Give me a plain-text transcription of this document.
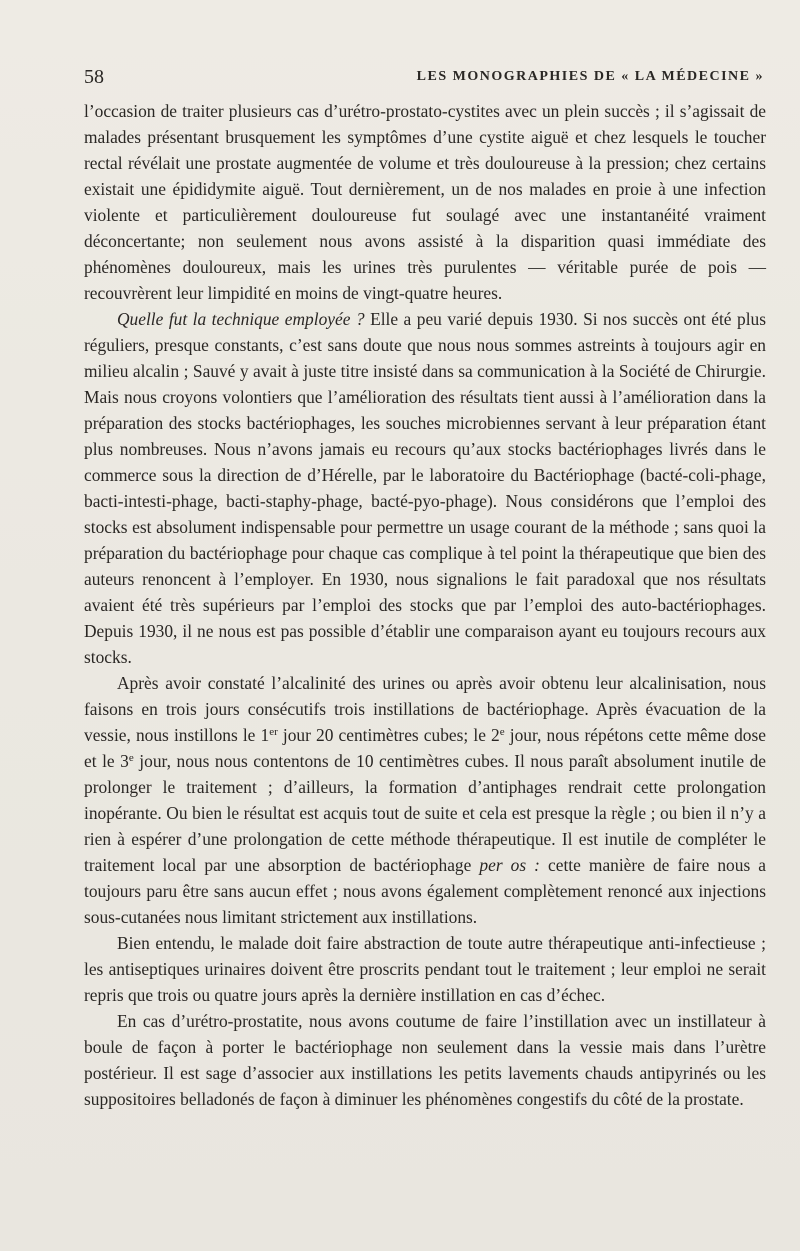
58	LES MONOGRAPHIES DE « LA MÉDECINE »

l’occasion de traiter plusieurs cas d’urétro-prostato-cystites avec un plein succès ; il s’agissait de malades présentant brusquement les symptômes d’une cystite aiguë et chez lesquels le toucher rectal révélait une prostate augmentée de volume et très douloureuse à la pression; chez certains existait une épididymite aiguë. Tout dernièrement, un de nos malades en proie à une infection violente et particulièrement douloureuse fut soulagé avec une instantanéité vraiment déconcertante; non seulement nous avons assisté à la disparition quasi immédiate des phénomènes douloureux, mais les urines très purulentes — véritable purée de pois — recouvrèrent leur limpidité en moins de vingt-quatre heures.

Quelle fut la technique employée ? Elle a peu varié depuis 1930. Si nos succès ont été plus réguliers, presque constants, c’est sans doute que nous nous sommes astreints à toujours agir en milieu alcalin ; Sauvé y avait à juste titre insisté dans sa communication à la Société de Chirurgie. Mais nous croyons volontiers que l’amélioration des résultats tient aussi à l’amélioration dans la préparation des stocks bactériophages, les souches microbiennes servant à leur préparation étant plus nombreuses. Nous n’avons jamais eu recours qu’aux stocks bactériophages livrés dans le commerce sous la direction de d’Hérelle, par le laboratoire du Bactériophage (bacté-coli-phage, bacti-intesti-phage, bacti-staphy-phage, bacté-pyo-phage). Nous considérons que l’emploi des stocks est absolument indispensable pour permettre un usage courant de la méthode ; sans quoi la préparation du bactériophage pour chaque cas complique à tel point la thérapeutique que bien des auteurs renoncent à l’employer. En 1930, nous signalions le fait paradoxal que nos résultats avaient été très supérieurs par l’emploi des stocks que par l’emploi des auto-bactériophages. Depuis 1930, il ne nous est pas possible d’établir une comparaison ayant eu toujours recours aux stocks.

Après avoir constaté l’alcalinité des urines ou après avoir obtenu leur alcalinisation, nous faisons en trois jours consécutifs trois instillations de bactériophage. Après évacuation de la vessie, nous instillons le 1er jour 20 centimètres cubes; le 2e jour, nous répétons cette même dose et le 3e jour, nous nous contentons de 10 centimètres cubes. Il nous paraît absolument inutile de prolonger le traitement ; d’ailleurs, la formation d’antiphages rendrait cette prolongation inopérante. Ou bien le résultat est acquis tout de suite et cela est presque la règle ; ou bien il n’y a rien à espérer d’une prolongation de cette méthode thérapeutique. Il est inutile de compléter le traitement local par une absorption de bactériophage per os : cette manière de faire nous a toujours paru être sans aucun effet ; nous avons également complètement renoncé aux injections sous-cutanées nous limitant strictement aux instillations.

Bien entendu, le malade doit faire abstraction de toute autre thérapeutique anti-infectieuse ; les antiseptiques urinaires doivent être proscrits pendant tout le traitement ; leur emploi ne serait repris que trois ou quatre jours après la dernière instillation en cas d’échec.

En cas d’urétro-prostatite, nous avons coutume de faire l’instillation avec un instillateur à boule de façon à porter le bactériophage non seulement dans la vessie mais dans l’urètre postérieur. Il est sage d’associer aux instillations les petits lavements chauds antipyrinés ou les suppositoires belladonés de façon à diminuer les phénomènes congestifs du côté de la prostate.
